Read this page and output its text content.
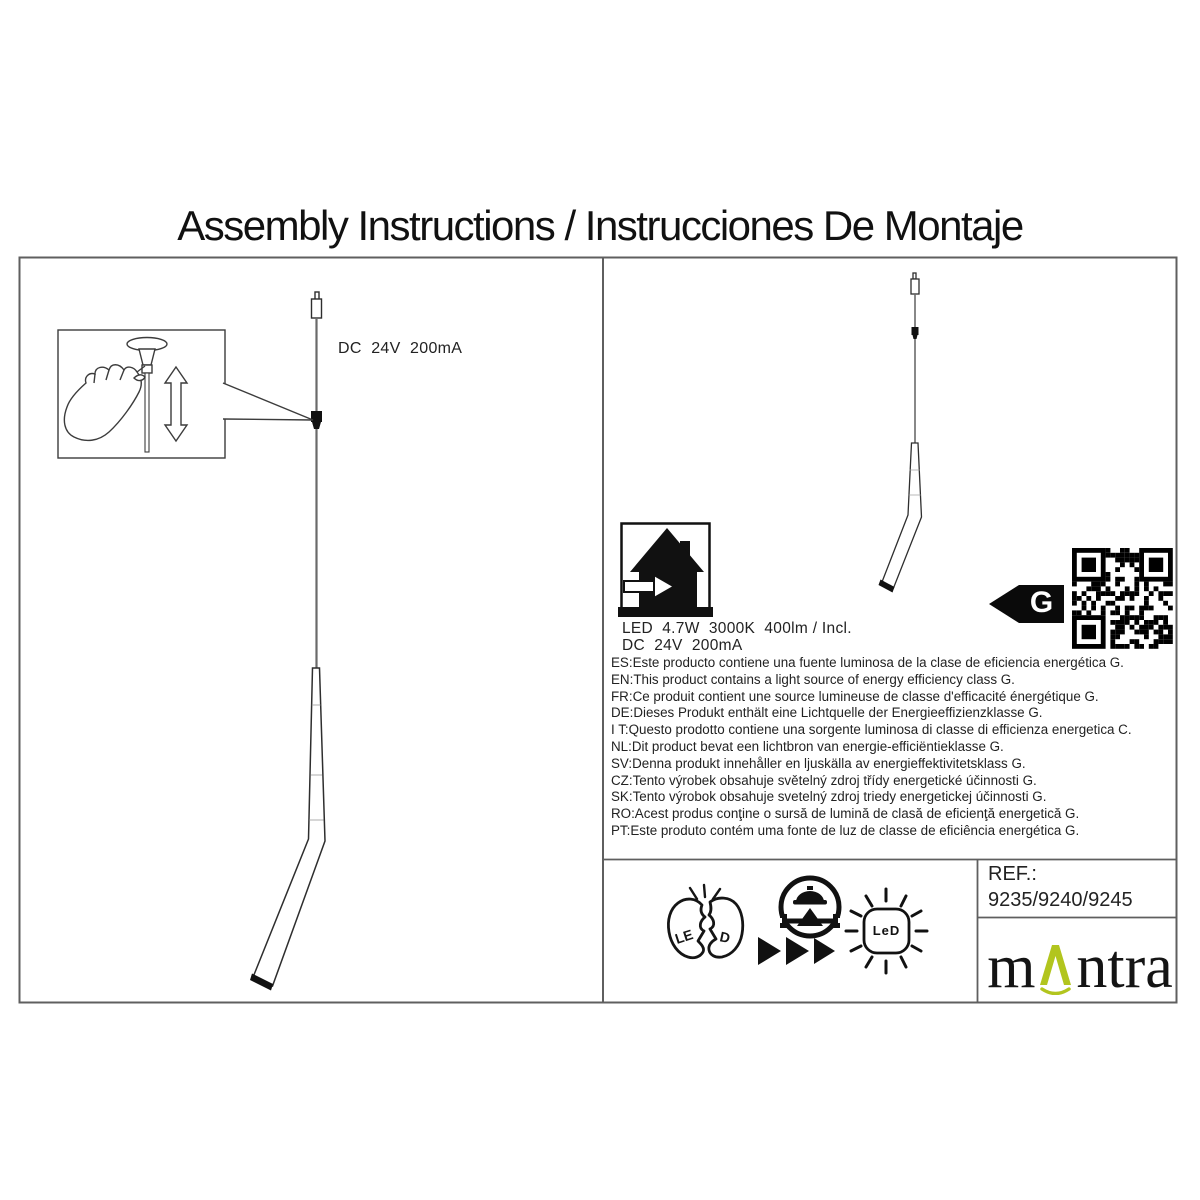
LE D
Assembly Instructions / Instrucciones De Montaje
DC  24V  200mA
LED  4.7W  3000K  400lm / Incl.
DC  24V  200mA
ES:Este producto contiene una fuente luminosa de la clase de eficiencia energética G.
EN:This product contains a light source of energy efficiency class G.
FR:Ce produit contient une source lumineuse de classe d'efficacité énergétique G.
DE:Dieses Produkt enthält eine Lichtquelle der Energieeffizienzklasse G.
I T:Questo prodotto contiene una sorgente luminosa di classe di efficienza energetica C.
NL:Dit product bevat een lichtbron van energie-efficiëntieklasse G.
SV:Denna produkt innehåller en ljuskälla av energieffektivitetsklass G.
CZ:Tento výrobek obsahuje světelný zdroj třídy energetické účinnosti G.
SK:Tento výrobok obsahuje svetelný zdroj triedy energetickej účinnosti G.
RO:Acest produs conţine o sursă de lumină de clasă de eficienţă energetică G.
PT:Este produto contém uma fonte de luz de classe de eficiência energética G.
G
LeD
REF.:
9235/9240/9245
m ntra
